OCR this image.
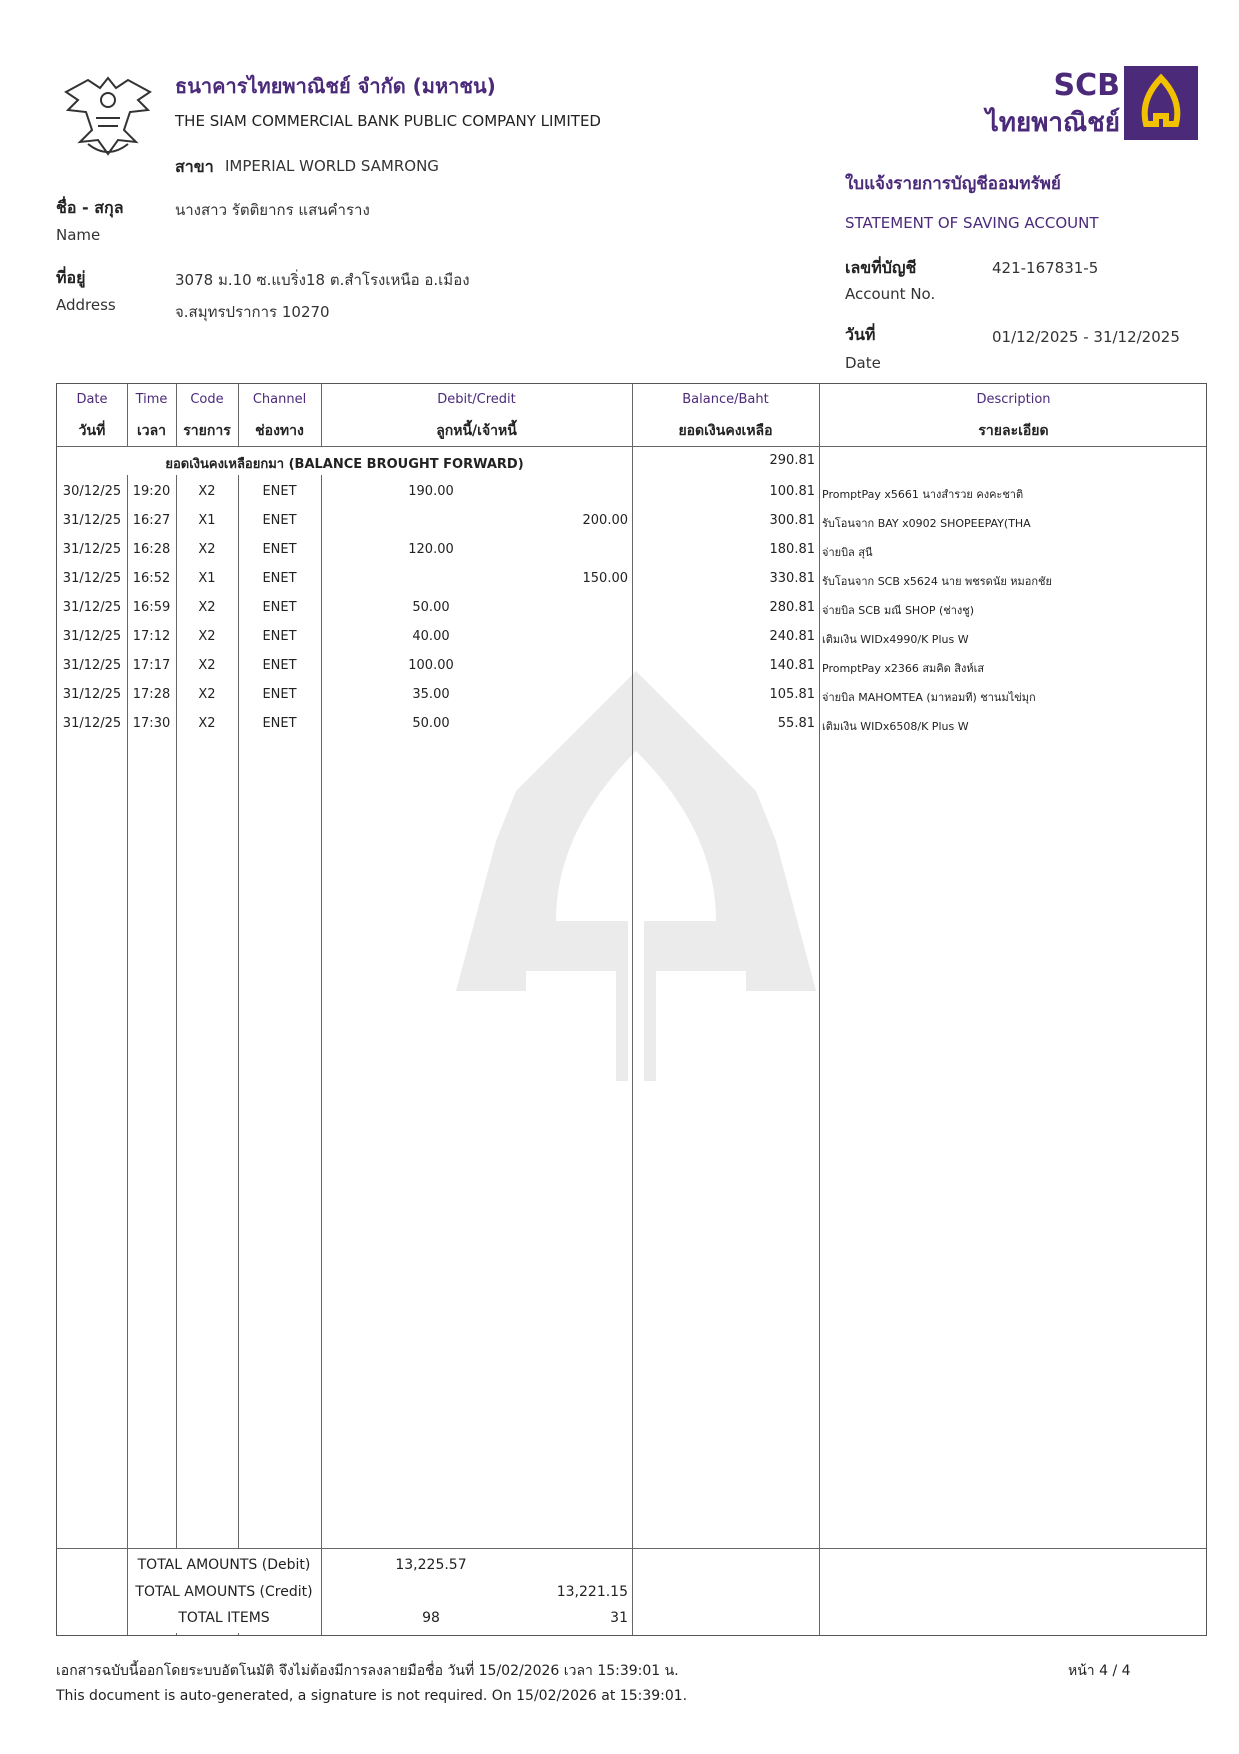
ธนาคารไทยพาณิชย์ จำกัด (มหาชน)
THE SIAM COMMERCIAL BANK PUBLIC COMPANY LIMITED
SCB
ไทยพาณิชย์
สาขา IMPERIAL WORLD SAMRONG
ชื่อ - สกุล
Name
นางสาว รัตติยากร แสนคำราง
ที่อยู่
Address
3078 ม.10 ซ.แบริ่ง18 ต.สำโรงเหนือ อ.เมือง
จ.สมุทรปราการ 10270
ใบแจ้งรายการบัญชีออมทรัพย์
STATEMENT OF SAVING ACCOUNT
เลขที่บัญชี
Account No.
421-167831-5
วันที่
Date
01/12/2025 - 31/12/2025
Date	Time	Code	Channel	Debit/Credit	Balance/Baht	Description
วันที่	เวลา	รายการ	ช่องทาง	ลูกหนี้/เจ้าหนี้	ยอดเงินคงเหลือ	รายละเอียด
ยอดเงินคงเหลือยกมา (BALANCE BROUGHT FORWARD)	290.81
30/12/25 19:20	X2	ENET	190.00	100.81 PromptPay x5661 นางสำรวย คงคะชาติ
31/12/25 16:27	X1	ENET	200.00	300.81 รับโอนจาก BAY x0902 SHOPEEPAY(THA
31/12/25 16:28	X2	ENET	120.00	180.81 จ่ายบิล สุนี
31/12/25 16:52	X1	ENET	150.00	330.81 รับโอนจาก SCB x5624 นาย พชรดนัย หมอกชัย
31/12/25 16:59	X2	ENET	50.00	280.81 จ่ายบิล SCB มณี SHOP (ช่างชู)
31/12/25 17:12	X2	ENET	40.00	240.81 เติมเงิน WIDx4990/K Plus W
31/12/25 17:17	X2	ENET	100.00	140.81 PromptPay x2366 สมคิด สิงห์เส
31/12/25 17:28	X2	ENET	35.00	105.81 จ่ายบิล MAHOMTEA (มาหอมที) ชานมไข่มุก
31/12/25 17:30	X2	ENET	50.00	55.81 เติมเงิน WIDx6508/K Plus W
TOTAL AMOUNTS (Debit)	13,225.57
TOTAL AMOUNTS (Credit)	13,221.15
TOTAL ITEMS	98	31
เอกสารฉบับนี้ออกโดยระบบอัตโนมัติ จึงไม่ต้องมีการลงลายมือชื่อ วันที่ 15/02/2026 เวลา 15:39:01 น.
This document is auto-generated, a signature is not required. On 15/02/2026 at 15:39:01.
หน้า 4 / 4
